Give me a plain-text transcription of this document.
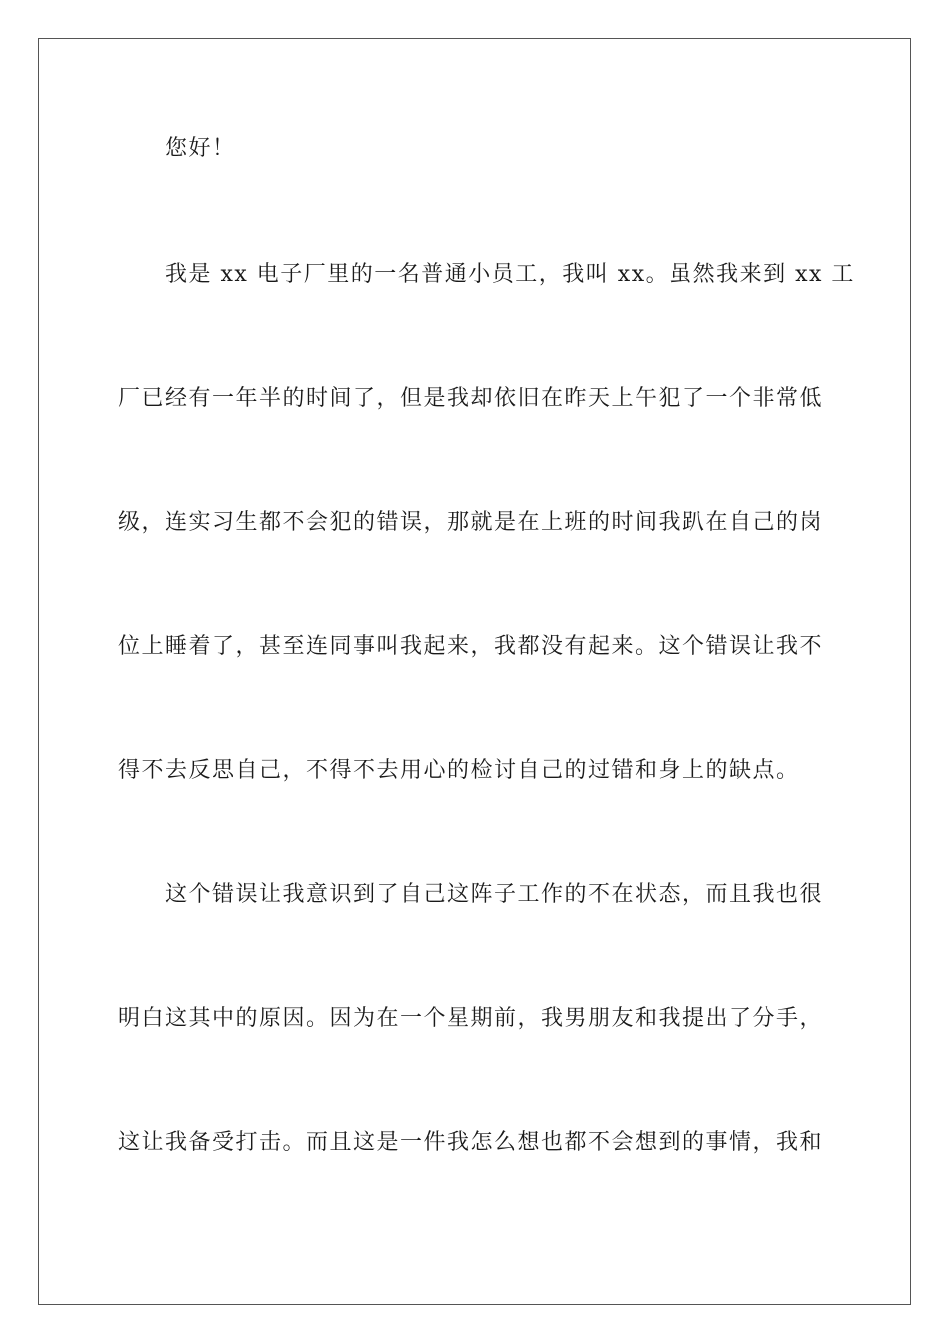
您好！
我是 xx 电子厂里的一名普通小员工，我叫 xx。虽然我来到 xx 工
厂已经有一年半的时间了，但是我却依旧在昨天上午犯了一个非常低
级，连实习生都不会犯的错误，那就是在上班的时间我趴在自己的岗
位上睡着了，甚至连同事叫我起来，我都没有起来。这个错误让我不
得不去反思自己，不得不去用心的检讨自己的过错和身上的缺点。
这个错误让我意识到了自己这阵子工作的不在状态，而且我也很
明白这其中的原因。因为在一个星期前，我男朋友和我提出了分手，
这让我备受打击。而且这是一件我怎么想也都不会想到的事情，我和
